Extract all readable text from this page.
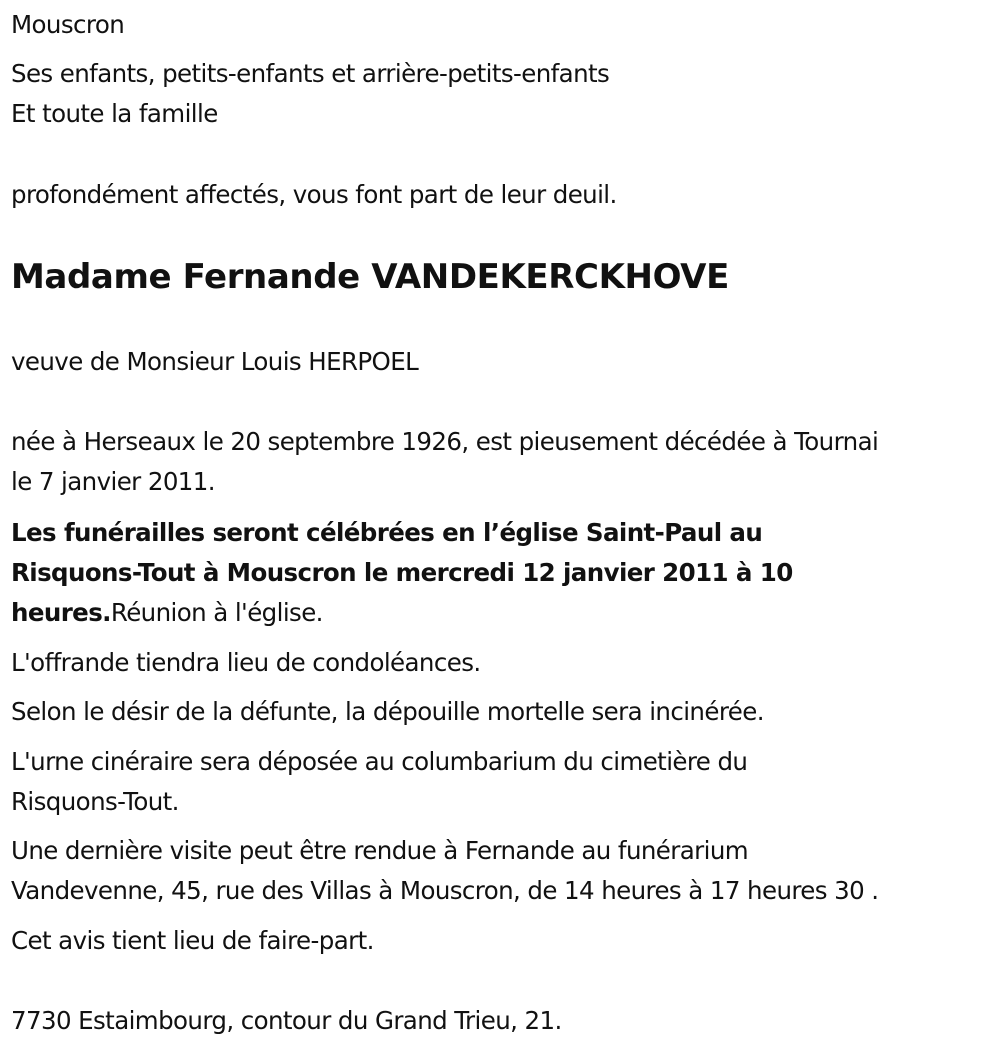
Mouscron
Ses enfants, petits-enfants et arrière-petits-enfants
Et toute la famille
profondément affectés, vous font part de leur deuil.
Madame Fernande VANDEKERCKHOVE
veuve de Monsieur Louis HERPOEL
née à Herseaux le 20 septembre 1926, est pieusement décédée à Tournai
le 7 janvier 2011.
Les funérailles seront célébrées en l’église Saint-Paul au
Risquons-Tout à Mouscron le mercredi 12 janvier 2011 à 10
heures.Réunion à l'église.
L'offrande tiendra lieu de condoléances.
Selon le désir de la défunte, la dépouille mortelle sera incinérée.
L'urne cinéraire sera déposée au columbarium du cimetière du
Risquons-Tout.
Une dernière visite peut être rendue à Fernande au funérarium
Vandevenne, 45, rue des Villas à Mouscron, de 14 heures à 17 heures 30 .
Cet avis tient lieu de faire-part.
7730 Estaimbourg, contour du Grand Trieu, 21.
